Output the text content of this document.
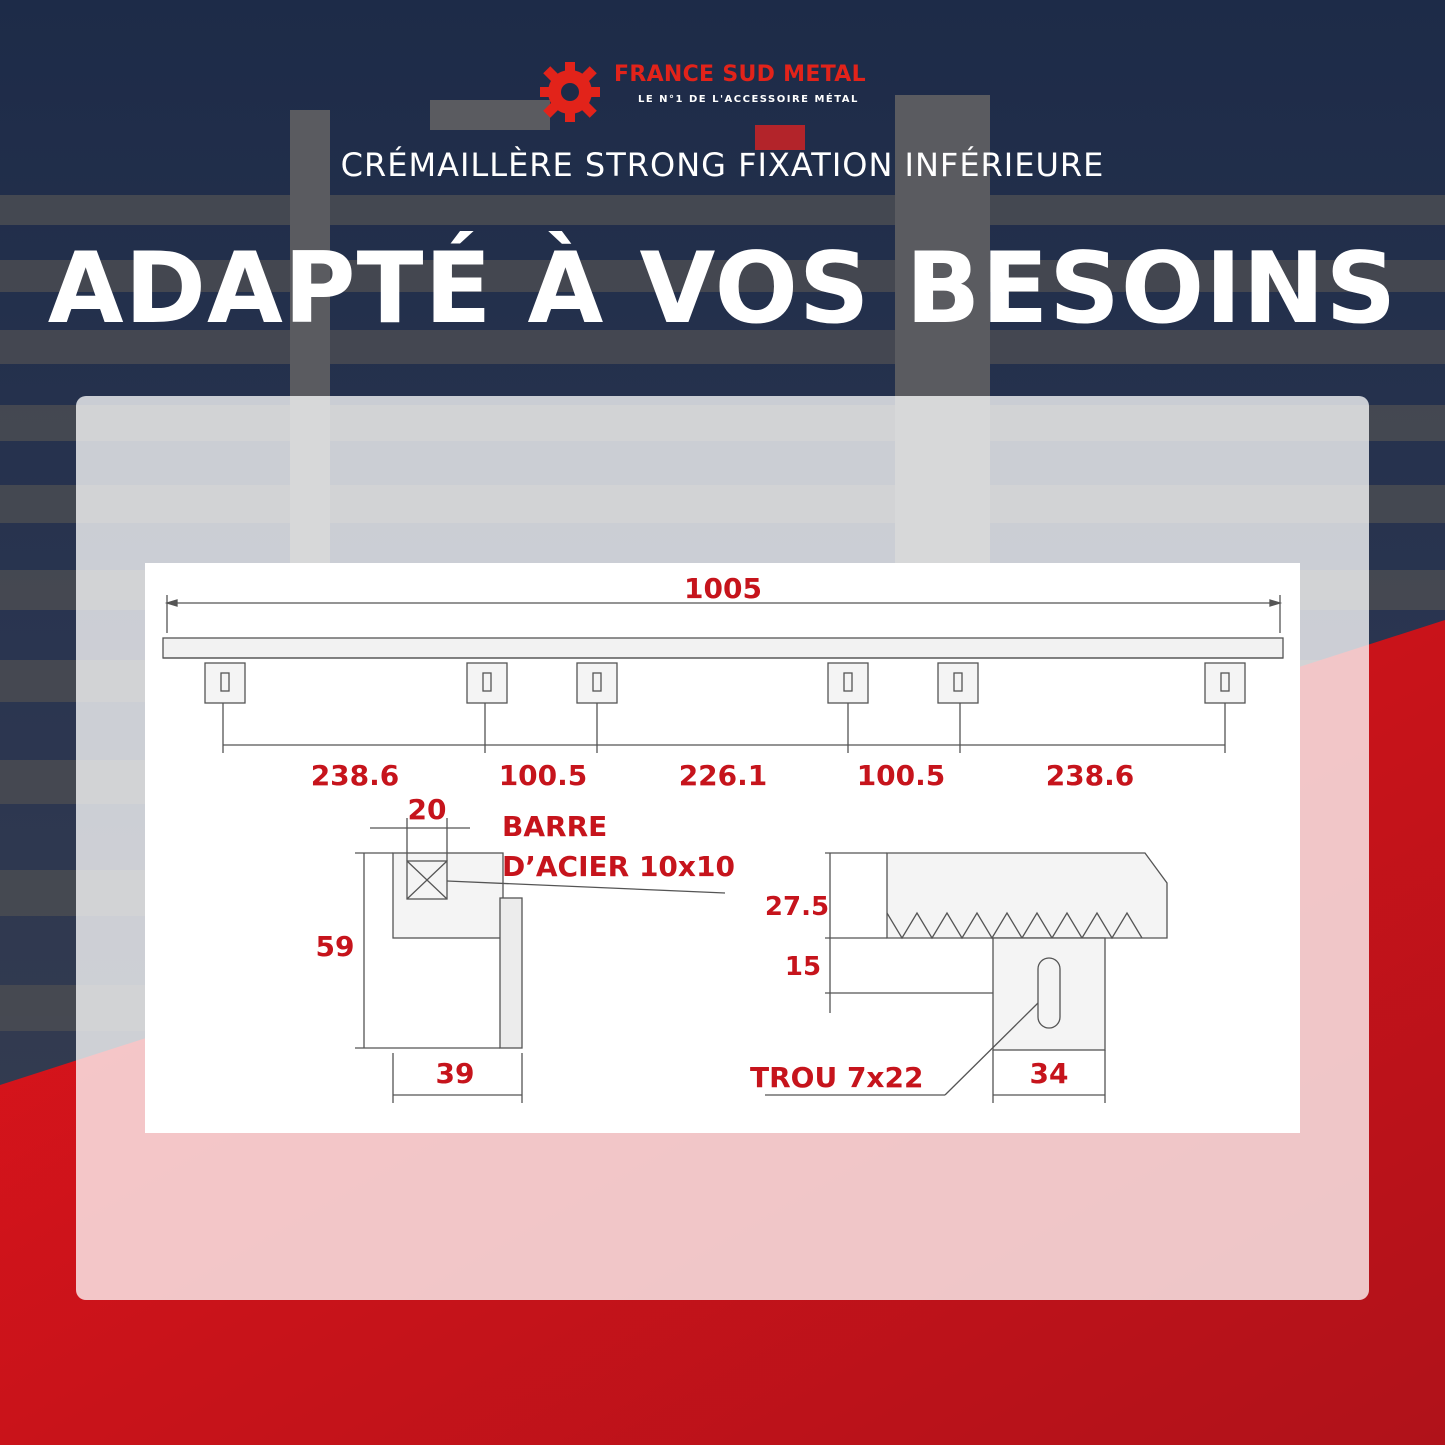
FRANCE SUD METAL
LE N°1 DE L'ACCESSOIRE MÉTAL
CRÉMAILLÈRE STRONG FIXATION INFÉRIEURE
ADAPTÉ À VOS BESOINS
1005
238.6	100.5	226.1	100.5	238.6
20
BARRE
D’ACIER 10x10
59
39
27.5
15
34
TROU 7x22
